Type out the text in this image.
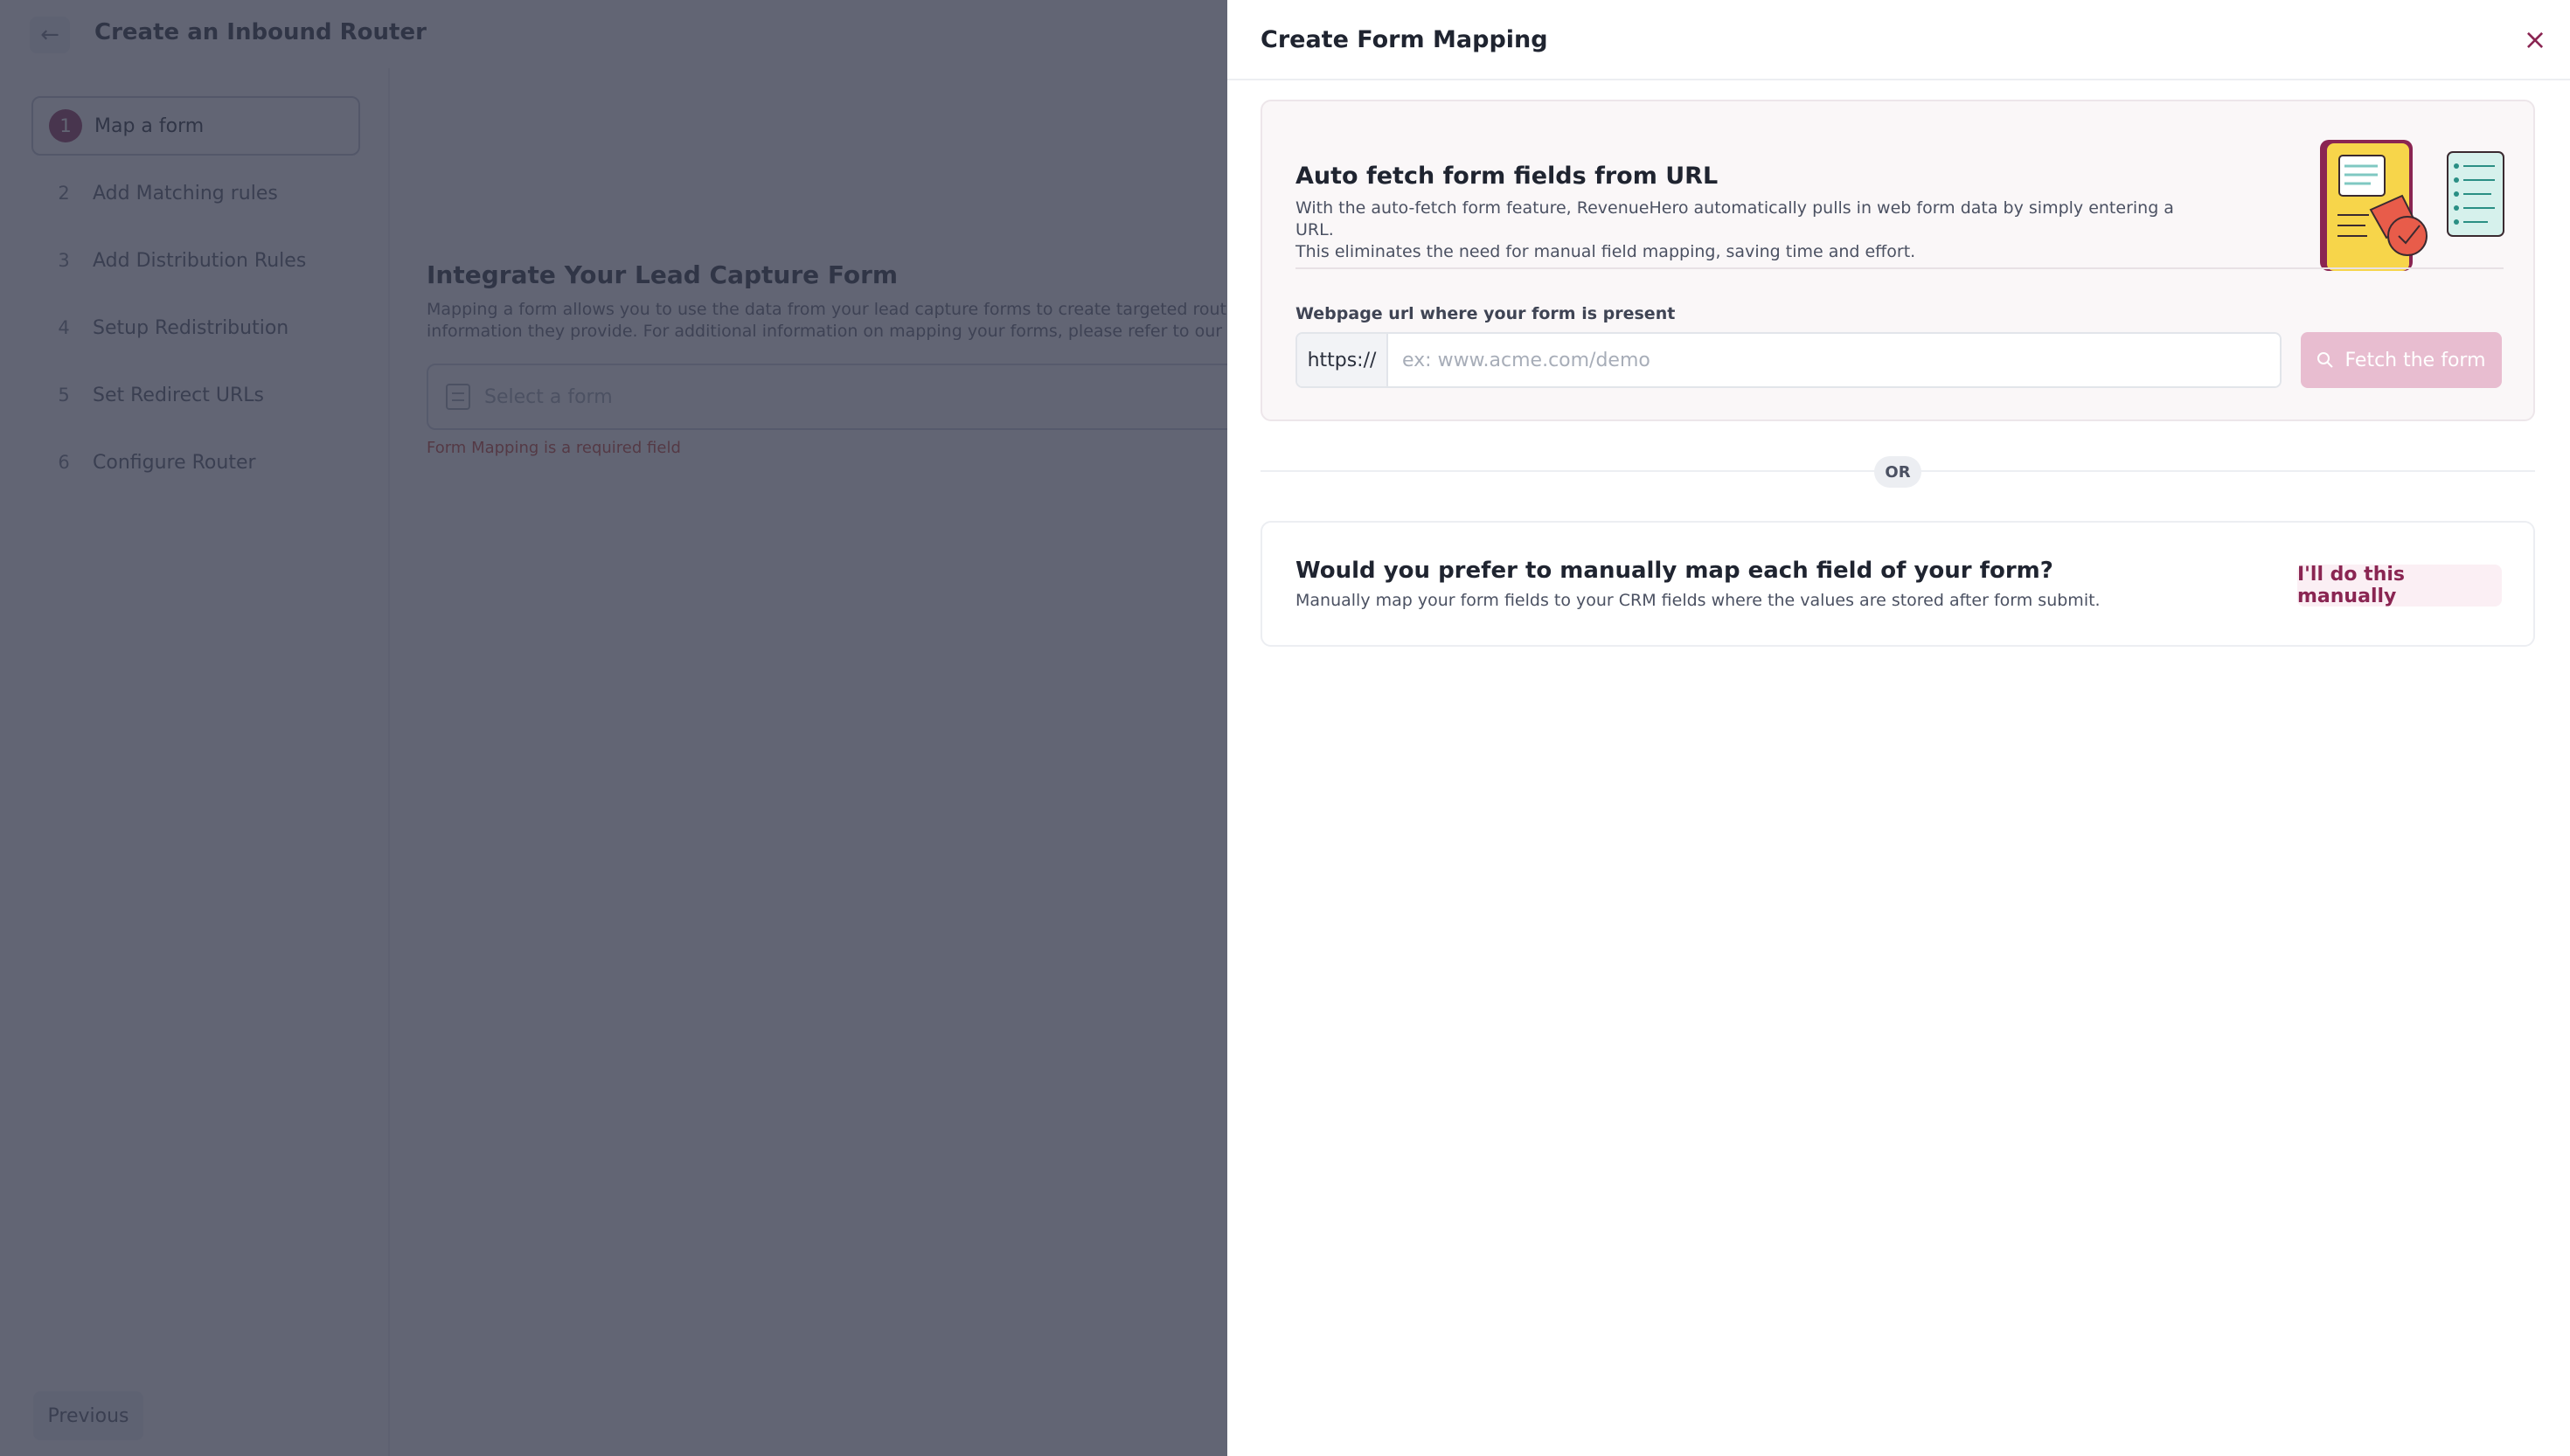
Create Form Mapping	×
Auto fetch form fields from URL
With the auto-fetch form feature, RevenueHero automatically pulls in web form data by simply entering a URL.
This eliminates the need for manual field mapping, saving time and effort.
Webpage url where your form is present
https://
ex: www.acme.com/demo	Fetch the form
OR
Would you prefer to manually map each field of your form?
Manually map your form fields to your CRM fields where the values are stored after form submit.
I'll do this manually
